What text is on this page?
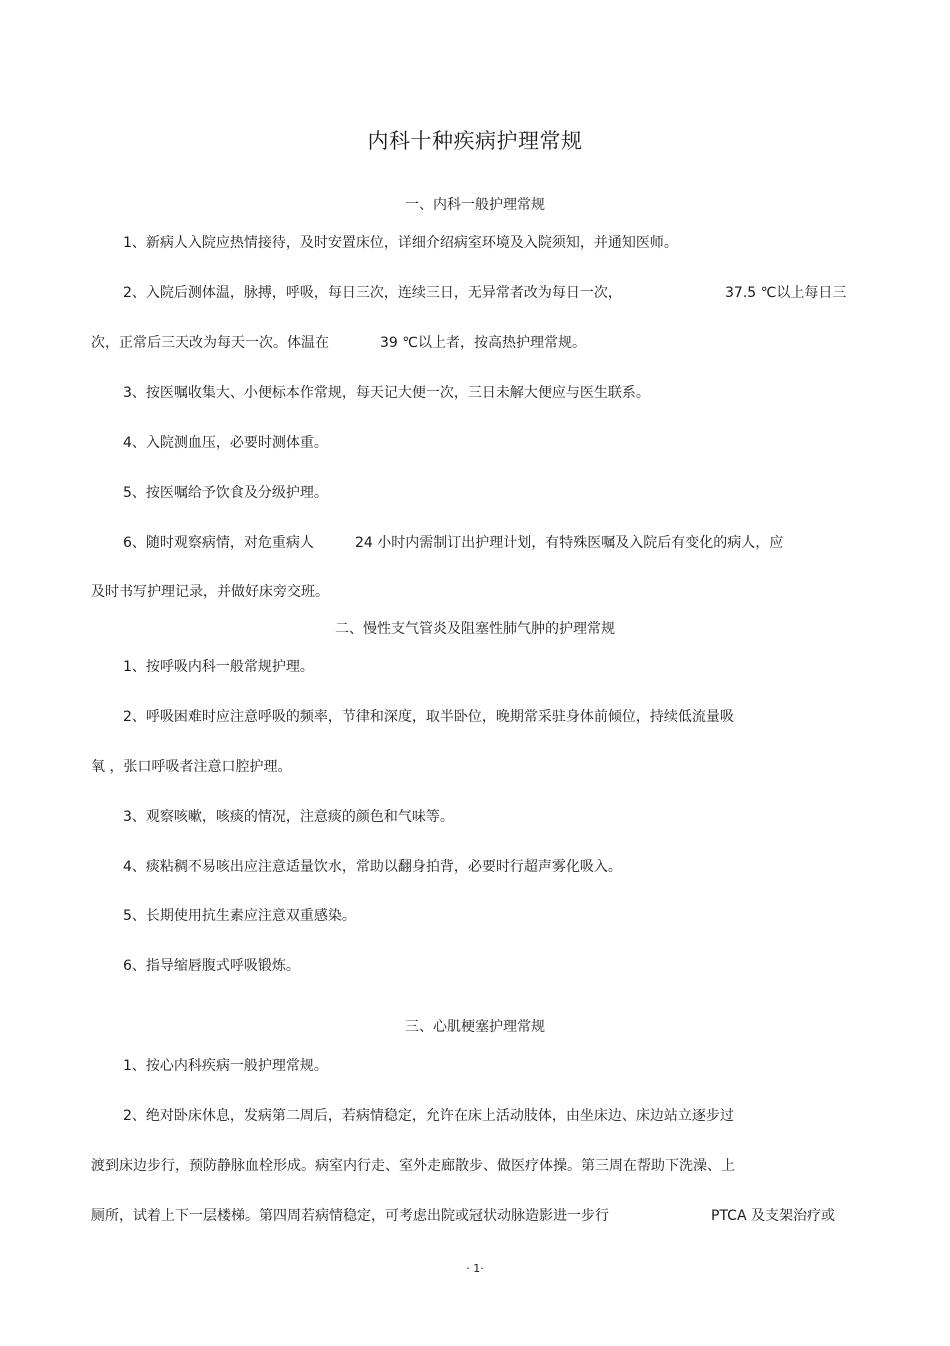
内科十种疾病护理常规
一、内科一般护理常规
1、新病人入院应热情接待，及时安置床位，详细介绍病室环境及入院须知，并通知医师。
2、入院后测体温，脉搏，呼吸，每日三次，连续三日，无异常者改为每日一次，	37.5 ℃以上每日三
次，正常后三天改为每天一次。体温在	39 ℃以上者，按高热护理常规。
3、按医嘱收集大、小便标本作常规，每天记大便一次，三日未解大便应与医生联系。
4、入院测血压，必要时测体重。
5、按医嘱给予饮食及分级护理。
6、随时观察病情，对危重病人	24 小时内需制订出护理计划，有特殊医嘱及入院后有变化的病人，应
及时书写护理记录，并做好床旁交班。
二、慢性支气管炎及阻塞性肺气肿的护理常规
1、按呼吸内科一般常规护理。
2、呼吸困难时应注意呼吸的频率，节律和深度，取半卧位，晚期常采驻身体前倾位，持续低流量吸
氧 ，张口呼吸者注意口腔护理。
3、观察咳嗽，咳痰的情况，注意痰的颜色和气味等。
4、痰粘稠不易咳出应注意适量饮水，常助以翻身拍背，必要时行超声雾化吸入。
5、长期使用抗生素应注意双重感染。
6、指导缩唇腹式呼吸锻炼。
三、心肌梗塞护理常规
1、按心内科疾病一般护理常规。
2、绝对卧床休息，发病第二周后，若病情稳定，允许在床上活动肢体，由坐床边、床边站立逐步过
渡到床边步行，预防静脉血栓形成。病室内行走、室外走廊散步、做医疗体操。第三周在帮助下洗澡、上
厕所，试着上下一层楼梯。第四周若病情稳定，可考虑出院或冠状动脉造影进一步行	PTCA 及支架治疗或
· 1·
